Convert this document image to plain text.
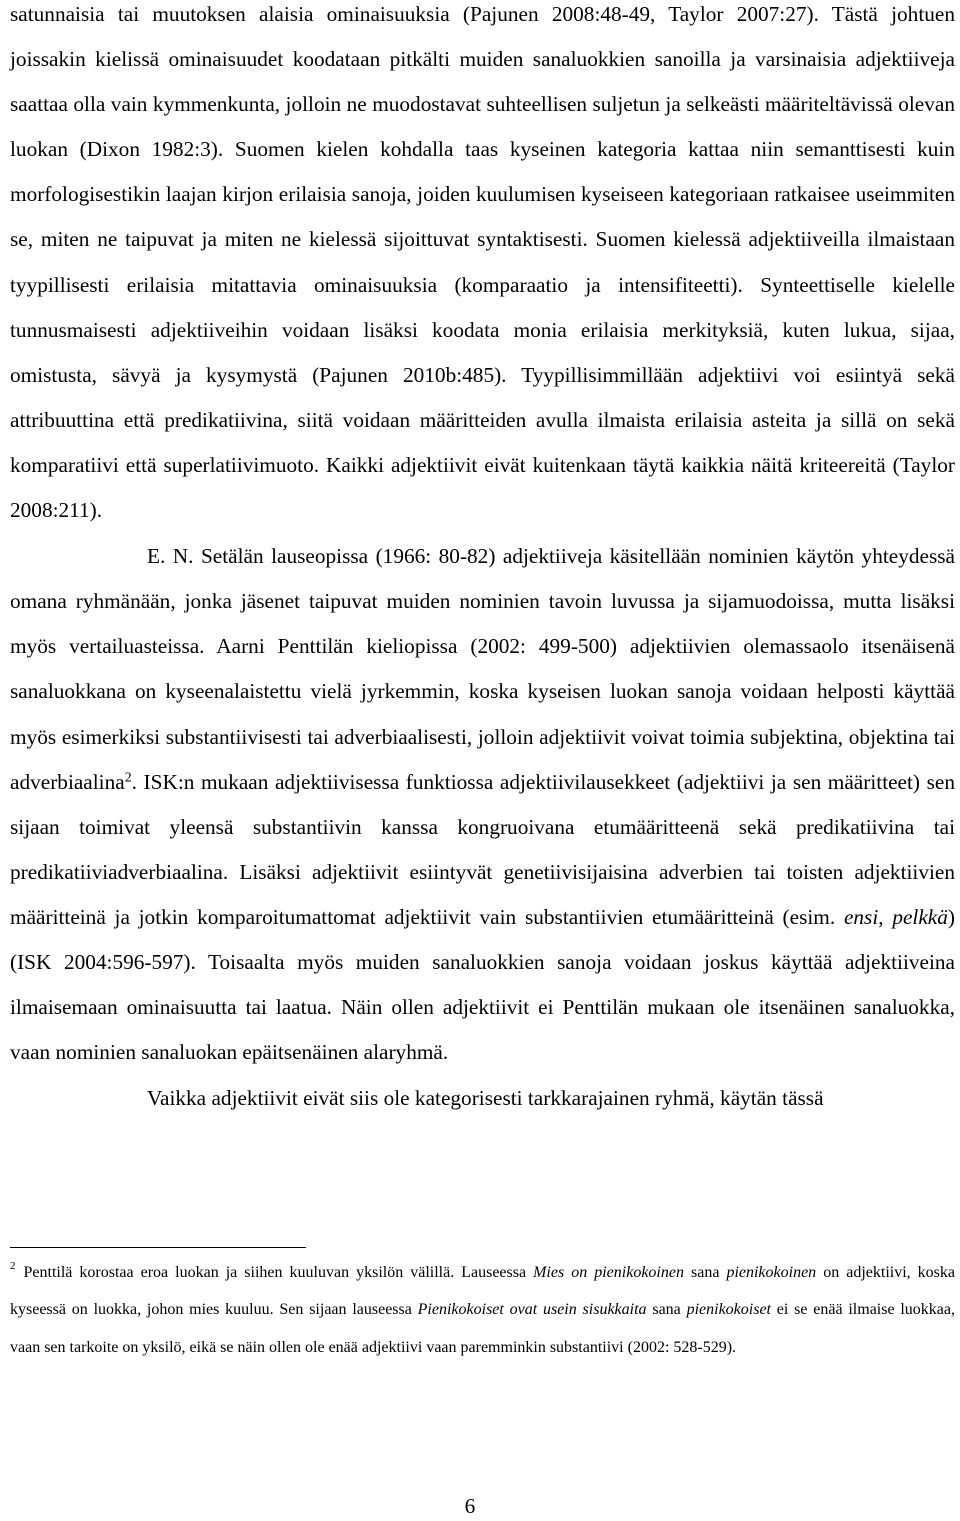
satunnaisia tai muutoksen alaisia ominaisuuksia (Pajunen 2008:48-49, Taylor 2007:27). Tästä johtuen joissakin kielissä ominaisuudet koodataan pitkälti muiden sanaluokkien sanoilla ja varsinaisia adjektiiveja saattaa olla vain kymmenkunta, jolloin ne muodostavat suhteellisen suljetun ja selkeästi määriteltävissä olevan luokan (Dixon 1982:3). Suomen kielen kohdalla taas kyseinen kategoria kattaa niin semanttisesti kuin morfologisestikin laajan kirjon erilaisia sanoja, joiden kuulumisen kyseiseen kategoriaan ratkaisee useimmiten se, miten ne taipuvat ja miten ne kielessä sijoittuvat syntaktisesti. Suomen kielessä adjektiiveilla ilmaistaan tyypillisesti erilaisia mitattavia ominaisuuksia (komparaatio ja intensifiteetti). Synteettiselle kielelle tunnusmaisesti adjektiiveihin voidaan lisäksi koodata monia erilaisia merkityksiä, kuten lukua, sijaa, omistusta, sävyä ja kysymystä (Pajunen 2010b:485). Tyypillisimmillään adjektiivi voi esiintyä sekä attribuuttina että predikatiivina, siitä voidaan määritteiden avulla ilmaista erilaisia asteita ja sillä on sekä komparatiivi että superlatiivimuoto. Kaikki adjektiivit eivät kuitenkaan täytä kaikkia näitä kriteereitä (Taylor 2008:211).

E. N. Setälän lauseopissa (1966: 80-82) adjektiiveja käsitellään nominien käytön yhteydessä omana ryhmänään, jonka jäsenet taipuvat muiden nominien tavoin luvussa ja sijamuodoissa, mutta lisäksi myös vertailuasteissa. Aarni Penttilän kieliopissa (2002: 499-500) adjektiivien olemassaolo itsenäisenä sanaluokkana on kyseenalaistettu vielä jyrkemmin, koska kyseisen luokan sanoja voidaan helposti käyttää myös esimerkiksi substantiivisesti tai adverbiaalisesti, jolloin adjektiivit voivat toimia subjektina, objektina tai adverbiaalina$^2$. ISK:n mukaan adjektiivisessa funktiossa adjektiivilausekkeet (adjektiivi ja sen määritteet) sen sijaan toimivat yleensä substantiivin kanssa kongruoivana etumääritteenä sekä predikatiivina tai predikatiiviadverbiaalina. Lisäksi adjektiivit esiintyvät genetiivisijaisina adverbien tai toisten adjektiivien määritteinä ja jotkin komparoitumattomat adjektiivit vain substantiivien etumääritteinä (esim. ensi, pelkkä) (ISK 2004:596-597). Toisaalta myös muiden sanaluokkien sanoja voidaan joskus käyttää adjektiiveina ilmaisemaan ominaisuutta tai laatua. Näin ollen adjektiivit ei Penttilän mukaan ole itsenäinen sanaluokka, vaan nominien sanaluokan epäitsenäinen alaryhmä.

Vaikka adjektiivit eivät siis ole kategorisesti tarkkarajainen ryhmä, käytän tässä

$^2$ Penttilä korostaa eroa luokan ja siihen kuuluvan yksilön välillä. Lauseessa Mies on pienikokoinen sana pienikokoinen on adjektiivi, koska kyseessä on luokka, johon mies kuuluu. Sen sijaan lauseessa Pienikokoiset ovat usein sisukkaita sana pienikokoiset ei se enää ilmaise luokkaa, vaan sen tarkoite on yksilö, eikä se näin ollen ole enää adjektiivi vaan paremminkin substantiivi (2002: 528-529).

6
